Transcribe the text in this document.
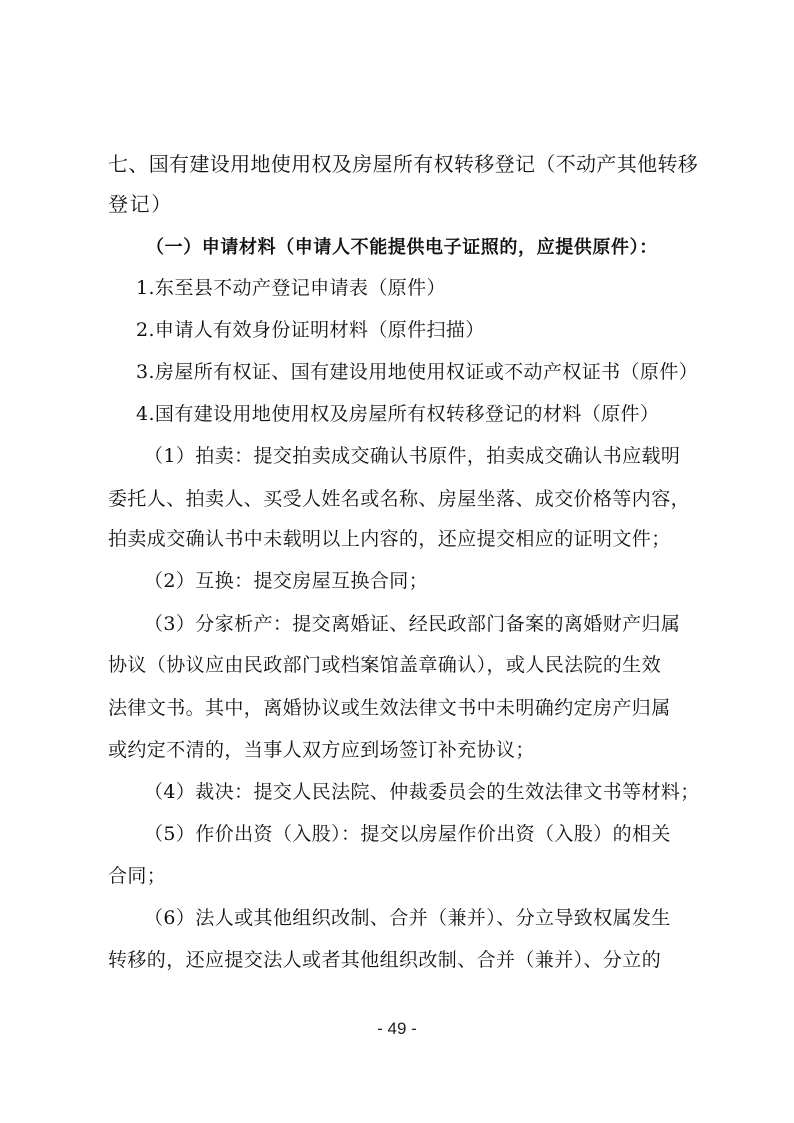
七、国有建设用地使用权及房屋所有权转移登记（不动产其他转移
登记）
（一）申请材料（申请人不能提供电子证照的，应提供原件）：
1.东至县不动产登记申请表（原件）
2.申请人有效身份证明材料（原件扫描）
3.房屋所有权证、国有建设用地使用权证或不动产权证书（原件）
4.国有建设用地使用权及房屋所有权转移登记的材料（原件）
（1）拍卖：提交拍卖成交确认书原件，拍卖成交确认书应载明
委托人、拍卖人、买受人姓名或名称、房屋坐落、成交价格等内容，
拍卖成交确认书中未载明以上内容的，还应提交相应的证明文件；
（2）互换：提交房屋互换合同；
（3）分家析产：提交离婚证、经民政部门备案的离婚财产归属
协议（协议应由民政部门或档案馆盖章确认），或人民法院的生效
法律文书。其中，离婚协议或生效法律文书中未明确约定房产归属
或约定不清的，当事人双方应到场签订补充协议；
（4）裁决：提交人民法院、仲裁委员会的生效法律文书等材料；
（5）作价出资（入股）：提交以房屋作价出资（入股）的相关
合同；
（6）法人或其他组织改制、合并（兼并）、分立导致权属发生
转移的，还应提交法人或者其他组织改制、合并（兼并）、分立的
- 49 -
